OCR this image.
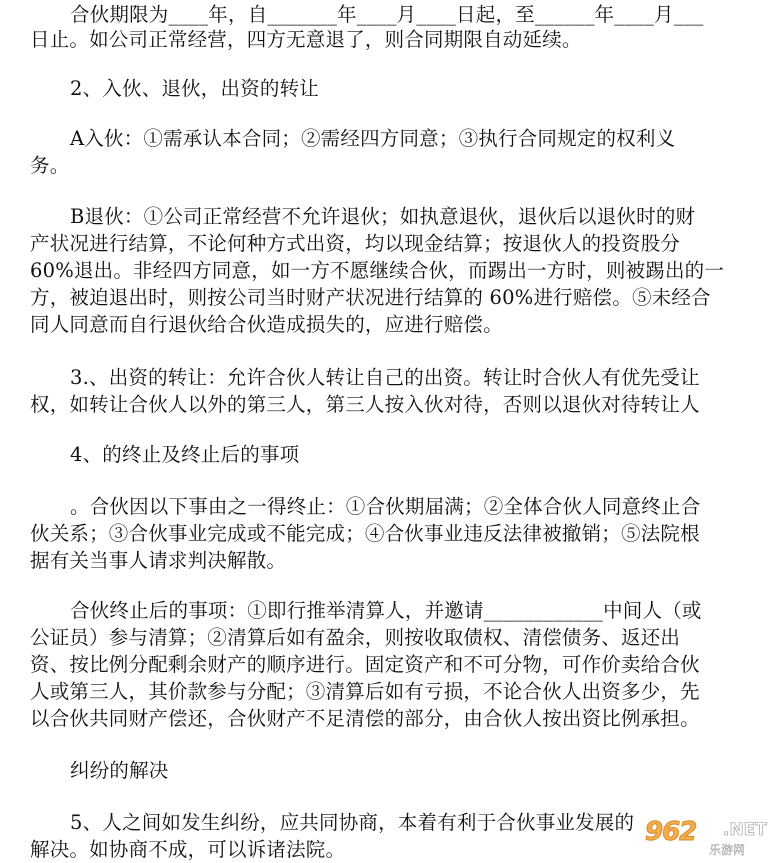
合伙期限为____年，自_______年____月____日起，至______年____月___
日止。如公司正常经营，四方无意退了，则合同期限自动延续。
2、入伙、退伙，出资的转让
A入伙：①需承认本合同；②需经四方同意；③执行合同规定的权利义
务。
B退伙：①公司正常经营不允许退伙；如执意退伙，退伙后以退伙时的财
产状况进行结算，不论何种方式出资，均以现金结算；按退伙人的投资股分
60%退出。非经四方同意，如一方不愿继续合伙，而踢出一方时，则被踢出的一
方，被迫退出时，则按公司当时财产状况进行结算的 60%进行赔偿。⑤未经合
同人同意而自行退伙给合伙造成损失的，应进行赔偿。
3.、出资的转让：允许合伙人转让自己的出资。转让时合伙人有优先受让
权，如转让合伙人以外的第三人，第三人按入伙对待，否则以退伙对待转让人
4、的终止及终止后的事项
。合伙因以下事由之一得终止：①合伙期届满；②全体合伙人同意终止合
伙关系；③合伙事业完成或不能完成；④合伙事业违反法律被撤销；⑤法院根
据有关当事人请求判决解散。
合伙终止后的事项：①即行推举清算人，并邀请____________中间人（或
公证员）参与清算；②清算后如有盈余，则按收取债权、清偿债务、返还出
资、按比例分配剩余财产的顺序进行。固定资产和不可分物，可作价卖给合伙
人或第三人，其价款参与分配；③清算后如有亏损，不论合伙人出资多少，先
以合伙共同财产偿还，合伙财产不足清偿的部分，由合伙人按出资比例承担。
纠纷的解决
5、人之间如发生纠纷，应共同协商，本着有利于合伙事业发展的
解决。如协商不成，可以诉诸法院。
962 .NET
乐游网
